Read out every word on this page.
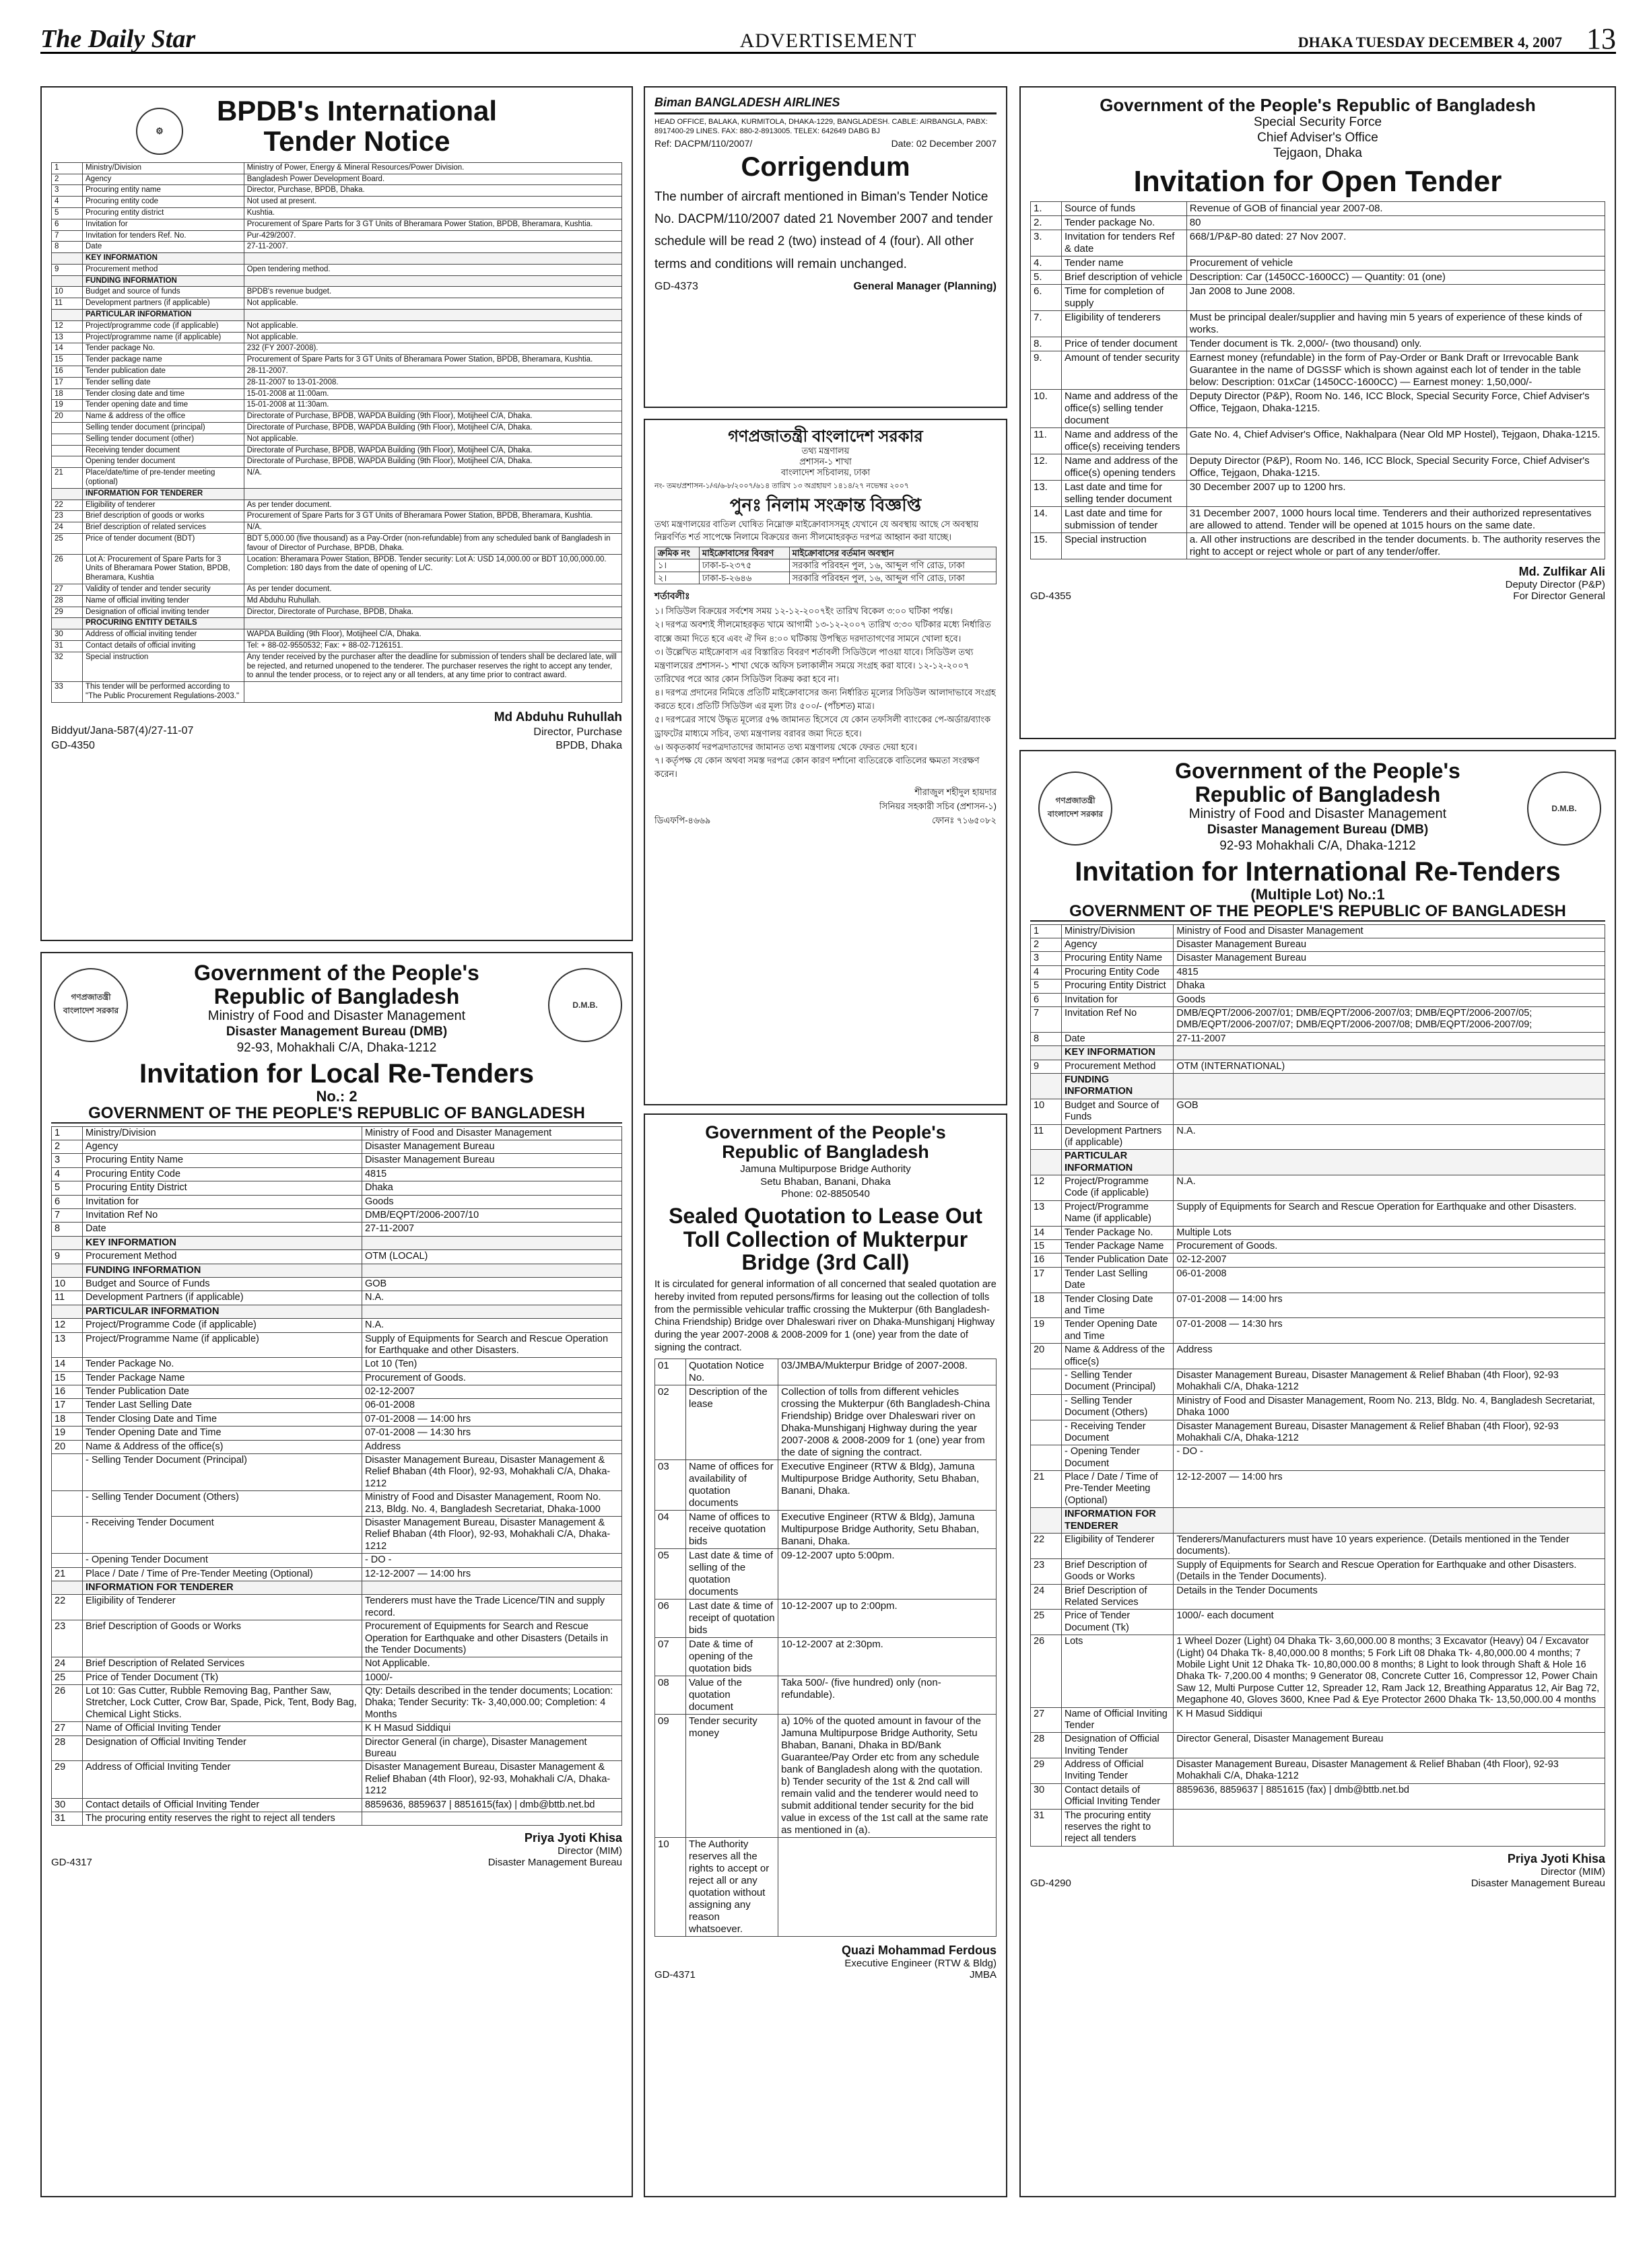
The Daily Star	ADVERTISEMENT	DHAKA TUESDAY DECEMBER 4, 2007 13
⚙
BPDB's International
Tender Notice
1	Ministry/Division	Ministry of Power, Energy & Mineral Resources/Power Division.
2	Agency	Bangladesh Power Development Board.
3	Procuring entity name	Director, Purchase, BPDB, Dhaka.
4	Procuring entity code	Not used at present.
5	Procuring entity district	Kushtia.
6	Invitation for	Procurement of Spare Parts for 3 GT Units of Bheramara Power Station, BPDB, Bheramara, Kushtia.
7	Invitation for tenders Ref. No.	Pur-429/2007.
8	Date	27-11-2007.
	KEY INFORMATION	
9	Procurement method	Open tendering method.
	FUNDING INFORMATION	
10	Budget and source of funds	BPDB's revenue budget.
11	Development partners (if applicable)	Not applicable.
	PARTICULAR INFORMATION	
12	Project/programme code (if applicable)	Not applicable.
13	Project/programme name (if applicable)	Not applicable.
14	Tender package No.	232 (FY 2007-2008).
15	Tender package name	Procurement of Spare Parts for 3 GT Units of Bheramara Power Station, BPDB, Bheramara, Kushtia.
16	Tender publication date	28-11-2007.
17	Tender selling date	28-11-2007 to 13-01-2008.
18	Tender closing date and time	15-01-2008 at 11:00am.
19	Tender opening date and time	15-01-2008 at 11:30am.
20	Name & address of the office	Directorate of Purchase, BPDB, WAPDA Building (9th Floor), Motijheel C/A, Dhaka.
	Selling tender document (principal)	Directorate of Purchase, BPDB, WAPDA Building (9th Floor), Motijheel C/A, Dhaka.
	Selling tender document (other)	Not applicable.
	Receiving tender document	Directorate of Purchase, BPDB, WAPDA Building (9th Floor), Motijheel C/A, Dhaka.
	Opening tender document	Directorate of Purchase, BPDB, WAPDA Building (9th Floor), Motijheel C/A, Dhaka.
21	Place/date/time of pre-tender meeting (optional)	N/A.
	INFORMATION FOR TENDERER	
22	Eligibility of tenderer	As per tender document.
23	Brief description of goods or works	Procurement of Spare Parts for 3 GT Units of Bheramara Power Station, BPDB, Bheramara, Kushtia.
24	Brief description of related services	N/A.
25	Price of tender document (BDT)	BDT 5,000.00 (five thousand) as a Pay-Order (non-refundable) from any scheduled bank of Bangladesh in favour of Director of Purchase, BPDB, Dhaka.
26	Lot A: Procurement of Spare Parts for 3 Units of Bheramara Power Station, BPDB, Bheramara, Kushtia	Location: Bheramara Power Station, BPDB. Tender security: Lot A: USD 14,000.00 or BDT 10,00,000.00. Completion: 180 days from the date of opening of L/C.
27	Validity of tender and tender security	As per tender document.
28	Name of official inviting tender	Md Abduhu Ruhullah.
29	Designation of official inviting tender	Director, Directorate of Purchase, BPDB, Dhaka.
	PROCURING ENTITY DETAILS	
30	Address of official inviting tender	WAPDA Building (9th Floor), Motijheel C/A, Dhaka.
31	Contact details of official inviting	Tel: + 88-02-9550532; Fax: + 88-02-7126151.
32	Special instruction	Any tender received by the purchaser after the deadline for submission of tenders shall be declared late, will be rejected, and returned unopened to the tenderer. The purchaser reserves the right to accept any tender, to annul the tender process, or to reject any or all tenders, at any time prior to contract award.
33	This tender will be performed according to "The Public Procurement Regulations-2003."	
Md Abduhu Ruhullah
Director, Purchase
BPDB, Dhaka
Biddyut/Jana-587(4)/27-11-07
GD-4350
Biman BANGLADESH AIRLINES
HEAD OFFICE, BALAKA, KURMITOLA, DHAKA-1229, BANGLADESH. CABLE: AIRBANGLA, PABX: 8917400-29 LINES. FAX: 880-2-8913005. TELEX: 642649 DABG BJ
Ref: DACPM/110/2007/	Date: 02 December 2007
Corrigendum
The number of aircraft mentioned in Biman's Tender Notice No. DACPM/110/2007 dated 21 November 2007 and tender schedule will be read 2 (two) instead of 4 (four). All other terms and conditions will remain unchanged.
GD-4373	General Manager (Planning)
গণপ্রজাতন্ত্রী বাংলাদেশ সরকার
তথ্য মন্ত্রণালয়
প্রশাসন-১ শাখা
বাংলাদেশ সচিবালয়, ঢাকা
নং- তমং/প্রশাসন-১/এ/৬-৮/২০০৭/৬১৪ তারিখ ১৩ অগ্রহায়ণ ১৪১৪/২৭ নভেম্বর ২০০৭
পুনঃ নিলাম সংক্রান্ত বিজ্ঞপ্তি
তথ্য মন্ত্রণালয়ের বাতিল ঘোষিত নিম্নোক্ত মাইক্রোবাসসমূহ যেখানে যে অবস্থায় আছে সে অবস্থায় নিম্নবর্ণিত শর্ত সাপেক্ষে নিলামে বিক্রয়ের জন্য সীলমোহরকৃত দরপত্র আহ্বান করা যাচ্ছে।
ক্রমিক নং	মাইক্রোবাসের বিবরণ	মাইক্রোবাসের বর্তমান অবস্থান
১।	ঢাকা-চ-২৩৭৫	সরকারি পরিবহন পুল, ১৬, আব্দুল গণি রোড, ঢাকা
২।	ঢাকা-চ-২৬৪৬	সরকারি পরিবহন পুল, ১৬, আব্দুল গণি রোড, ঢাকা
শর্তাবলীঃ
১। সিডিউল বিক্রয়ের সর্বশেষ সময় ১২-১২-২০০৭ইং তারিখ বিকেল ৩:০০ ঘটিকা পর্যন্ত।
২। দরপত্র অবশ্যই সীলমোহরকৃত খামে আগামী ১৩-১২-২০০৭ তারিখ ৩:৩০ ঘটিকার মধ্যে নির্ধারিত বাক্সে জমা দিতে হবে এবং ঐ দিন ৪:০০ ঘটিকায় উপস্থিত দরদাতাগণের সামনে খোলা হবে।
৩। উল্লেখিত মাইক্রোবাস এর বিস্তারিত বিবরণ শর্তাবলী সিডিউলে পাওয়া যাবে। সিডিউল তথ্য মন্ত্রণালয়ের প্রশাসন-১ শাখা থেকে অফিস চলাকালীন সময়ে সংগ্রহ করা যাবে। ১২-১২-২০০৭ তারিখের পরে আর কোন সিডিউল বিক্রয় করা হবে না।
৪। দরপত্র প্রদানের নিমিত্তে প্রতিটি মাইক্রোবাসের জন্য নির্ধারিত মূল্যের সিডিউল আলাদাভাবে সংগ্রহ করতে হবে। প্রতিটি সিডিউল এর মূল্য টাঃ ৫০০/- (পাঁচশত) মাত্র।
৫। দরপত্রের সাথে উদ্ধৃত মূল্যের ৫% জামানত হিসেবে যে কোন তফসিলী ব্যাংকের পে-অর্ডার/ব্যাংক ড্রাফটের মাধ্যমে সচিব, তথ্য মন্ত্রণালয় বরাবর জমা দিতে হবে।
৬। অকৃতকার্য দরপত্রদাতাদের জামানত তথ্য মন্ত্রণালয় থেকে ফেরত দেয়া হবে।
৭। কর্তৃপক্ষ যে কোন অথবা সমস্ত দরপত্র কোন কারণ দর্শানো ব্যতিরেকে বাতিলের ক্ষমতা সংরক্ষণ করেন।
শীরাজুল শহীদুল হায়দার
সিনিয়র সহকারী সচিব (প্রশাসন-১)
ডিএফপি-৪৬৬৯	ফোনঃ ৭১৬৫০৮২
Government of the People's
Republic of Bangladesh
Jamuna Multipurpose Bridge Authority
Setu Bhaban, Banani, Dhaka
Phone: 02-8850540
Sealed Quotation to Lease Out
Toll Collection of Mukterpur
Bridge (3rd Call)
It is circulated for general information of all concerned that sealed quotation are hereby invited from reputed persons/firms for leasing out the collection of tolls from the permissible vehicular traffic crossing the Mukterpur (6th Bangladesh-China Friendship) Bridge over Dhaleswari river on Dhaka-Munshiganj Highway during the year 2007-2008 & 2008-2009 for 1 (one) year from the date of signing the contract.
01	Quotation Notice No.	03/JMBA/Mukterpur Bridge of 2007-2008.
02	Description of the lease	Collection of tolls from different vehicles crossing the Mukterpur (6th Bangladesh-China Friendship) Bridge over Dhaleswari river on Dhaka-Munshiganj Highway during the year 2007-2008 & 2008-2009 for 1 (one) year from the date of signing the contract.
03	Name of offices for availability of quotation documents	Executive Engineer (RTW & Bldg), Jamuna Multipurpose Bridge Authority, Setu Bhaban, Banani, Dhaka.
04	Name of offices to receive quotation bids	Executive Engineer (RTW & Bldg), Jamuna Multipurpose Bridge Authority, Setu Bhaban, Banani, Dhaka.
05	Last date & time of selling of the quotation documents	09-12-2007 upto 5:00pm.
06	Last date & time of receipt of quotation bids	10-12-2007 up to 2:00pm.
07	Date & time of opening of the quotation bids	10-12-2007 at 2:30pm.
08	Value of the quotation document	Taka 500/- (five hundred) only (non-refundable).
09	Tender security money	a) 10% of the quoted amount in favour of the Jamuna Multipurpose Bridge Authority, Setu Bhaban, Banani, Dhaka in BD/Bank Guarantee/Pay Order etc from any schedule bank of Bangladesh along with the quotation. b) Tender security of the 1st & 2nd call will remain valid and the tenderer would need to submit additional tender security for the bid value in excess of the 1st call at the same rate as mentioned in (a).
10	The Authority reserves all the rights to accept or reject all or any quotation without assigning any reason whatsoever.	
Quazi Mohammad Ferdous
Executive Engineer (RTW & Bldg)
GD-4371	JMBA
Government of the People's Republic of Bangladesh
Special Security Force
Chief Adviser's Office
Tejgaon, Dhaka
Invitation for Open Tender
1.	Source of funds	Revenue of GOB of financial year 2007-08.
2.	Tender package No.	80
3.	Invitation for tenders Ref & date	668/1/P&P-80 dated: 27 Nov 2007.
4.	Tender name	Procurement of vehicle
5.	Brief description of vehicle	Description: Car (1450CC-1600CC) — Quantity: 01 (one)
6.	Time for completion of supply	Jan 2008 to June 2008.
7.	Eligibility of tenderers	Must be principal dealer/supplier and having min 5 years of experience of these kinds of works.
8.	Price of tender document	Tender document is Tk. 2,000/- (two thousand) only.
9.	Amount of tender security	Earnest money (refundable) in the form of Pay-Order or Bank Draft or Irrevocable Bank Guarantee in the name of DGSSF which is shown against each lot of tender in the table below: Description: 01xCar (1450CC-1600CC) — Earnest money: 1,50,000/-
10.	Name and address of the office(s) selling tender document	Deputy Director (P&P), Room No. 146, ICC Block, Special Security Force, Chief Adviser's Office, Tejgaon, Dhaka-1215.
11.	Name and address of the office(s) receiving tenders	Gate No. 4, Chief Adviser's Office, Nakhalpara (Near Old MP Hostel), Tejgaon, Dhaka-1215.
12.	Name and address of the office(s) opening tenders	Deputy Director (P&P), Room No. 146, ICC Block, Special Security Force, Chief Adviser's Office, Tejgaon, Dhaka-1215.
13.	Last date and time for selling tender document	30 December 2007 up to 1200 hrs.
14.	Last date and time for submission of tender	31 December 2007, 1000 hours local time. Tenderers and their authorized representatives are allowed to attend. Tender will be opened at 1015 hours on the same date.
15.	Special instruction	a. All other instructions are described in the tender documents. b. The authority reserves the right to accept or reject whole or part of any tender/offer.
Md. Zulfikar Ali
Deputy Director (P&P)
GD-4355	For Director General
গণপ্রজাতন্ত্রী বাংলাদেশ সরকার
D.M.B.
Government of the People's
Republic of Bangladesh
Ministry of Food and Disaster Management
Disaster Management Bureau (DMB)
92-93, Mohakhali C/A, Dhaka-1212
Invitation for Local Re-Tenders
No.: 2
GOVERNMENT OF THE PEOPLE'S REPUBLIC OF BANGLADESH
1	Ministry/Division	Ministry of Food and Disaster Management
2	Agency	Disaster Management Bureau
3	Procuring Entity Name	Disaster Management Bureau
4	Procuring Entity Code	4815
5	Procuring Entity District	Dhaka
6	Invitation for	Goods
7	Invitation Ref No	DMB/EQPT/2006-2007/10
8	Date	27-11-2007
	KEY INFORMATION	
9	Procurement Method	OTM (LOCAL)
	FUNDING INFORMATION	
10	Budget and Source of Funds	GOB
11	Development Partners (if applicable)	N.A.
	PARTICULAR INFORMATION	
12	Project/Programme Code (if applicable)	N.A.
13	Project/Programme Name (if applicable)	Supply of Equipments for Search and Rescue Operation for Earthquake and other Disasters.
14	Tender Package No.	Lot 10 (Ten)
15	Tender Package Name	Procurement of Goods.
16	Tender Publication Date	02-12-2007
17	Tender Last Selling Date	06-01-2008
18	Tender Closing Date and Time	07-01-2008 — 14:00 hrs
19	Tender Opening Date and Time	07-01-2008 — 14:30 hrs
20	Name & Address of the office(s)	Address
	- Selling Tender Document (Principal)	Disaster Management Bureau, Disaster Management & Relief Bhaban (4th Floor), 92-93, Mohakhali C/A, Dhaka-1212
	- Selling Tender Document (Others)	Ministry of Food and Disaster Management, Room No. 213, Bldg. No. 4, Bangladesh Secretariat, Dhaka-1000
	- Receiving Tender Document	Disaster Management Bureau, Disaster Management & Relief Bhaban (4th Floor), 92-93, Mohakhali C/A, Dhaka-1212
	- Opening Tender Document	- DO -
21	Place / Date / Time of Pre-Tender Meeting (Optional)	12-12-2007 — 14:00 hrs
	INFORMATION FOR TENDERER	
22	Eligibility of Tenderer	Tenderers must have the Trade Licence/TIN and supply record.
23	Brief Description of Goods or Works	Procurement of Equipments for Search and Rescue Operation for Earthquake and other Disasters (Details in the Tender Documents)
24	Brief Description of Related Services	Not Applicable.
25	Price of Tender Document (Tk)	1000/-
26	Lot 10: Gas Cutter, Rubble Removing Bag, Panther Saw, Stretcher, Lock Cutter, Crow Bar, Spade, Pick, Tent, Body Bag, Chemical Light Sticks.	Qty: Details described in the tender documents; Location: Dhaka; Tender Security: Tk- 3,40,000.00; Completion: 4 Months
27	Name of Official Inviting Tender	K H Masud Siddiqui
28	Designation of Official Inviting Tender	Director General (in charge), Disaster Management Bureau
29	Address of Official Inviting Tender	Disaster Management Bureau, Disaster Management & Relief Bhaban (4th Floor), 92-93, Mohakhali C/A, Dhaka-1212
30	Contact details of Official Inviting Tender	8859636, 8859637 | 8851615(fax) | dmb@bttb.net.bd
31	The procuring entity reserves the right to reject all tenders	
Priya Jyoti Khisa
Director (MIM)
GD-4317	Disaster Management Bureau
গণপ্রজাতন্ত্রী বাংলাদেশ সরকার
D.M.B.
Government of the People's
Republic of Bangladesh
Ministry of Food and Disaster Management
Disaster Management Bureau (DMB)
92-93 Mohakhali C/A, Dhaka-1212
Invitation for International Re-Tenders
(Multiple Lot) No.:1
GOVERNMENT OF THE PEOPLE'S REPUBLIC OF BANGLADESH
1	Ministry/Division	Ministry of Food and Disaster Management
2	Agency	Disaster Management Bureau
3	Procuring Entity Name	Disaster Management Bureau
4	Procuring Entity Code	4815
5	Procuring Entity District	Dhaka
6	Invitation for	Goods
7	Invitation Ref No	DMB/EQPT/2006-2007/01; DMB/EQPT/2006-2007/03; DMB/EQPT/2006-2007/05; DMB/EQPT/2006-2007/07; DMB/EQPT/2006-2007/08; DMB/EQPT/2006-2007/09;
8	Date	27-11-2007
	KEY INFORMATION	
9	Procurement Method	OTM (INTERNATIONAL)
	FUNDING INFORMATION	
10	Budget and Source of Funds	GOB
11	Development Partners (if applicable)	N.A.
	PARTICULAR INFORMATION	
12	Project/Programme Code (if applicable)	N.A.
13	Project/Programme Name (if applicable)	Supply of Equipments for Search and Rescue Operation for Earthquake and other Disasters.
14	Tender Package No.	Multiple Lots
15	Tender Package Name	Procurement of Goods.
16	Tender Publication Date	02-12-2007
17	Tender Last Selling Date	06-01-2008
18	Tender Closing Date and Time	07-01-2008 — 14:00 hrs
19	Tender Opening Date and Time	07-01-2008 — 14:30 hrs
20	Name & Address of the office(s)	Address
	- Selling Tender Document (Principal)	Disaster Management Bureau, Disaster Management & Relief Bhaban (4th Floor), 92-93 Mohakhali C/A, Dhaka-1212
	- Selling Tender Document (Others)	Ministry of Food and Disaster Management, Room No. 213, Bldg. No. 4, Bangladesh Secretariat, Dhaka 1000
	- Receiving Tender Document	Disaster Management Bureau, Disaster Management & Relief Bhaban (4th Floor), 92-93 Mohakhali C/A, Dhaka-1212
	- Opening Tender Document	- DO -
21	Place / Date / Time of Pre-Tender Meeting (Optional)	12-12-2007 — 14:00 hrs
	INFORMATION FOR TENDERER	
22	Eligibility of Tenderer	Tenderers/Manufacturers must have 10 years experience. (Details mentioned in the Tender documents).
23	Brief Description of Goods or Works	Supply of Equipments for Search and Rescue Operation for Earthquake and other Disasters. (Details in the Tender Documents).
24	Brief Description of Related Services	Details in the Tender Documents
25	Price of Tender Document (Tk)	1000/- each document
26	Lots	1 Wheel Dozer (Light) 04 Dhaka Tk- 3,60,000.00 8 months; 3 Excavator (Heavy) 04 / Excavator (Light) 04 Dhaka Tk- 8,40,000.00 8 months; 5 Fork Lift 08 Dhaka Tk- 4,80,000.00 4 months; 7 Mobile Light Unit 12 Dhaka Tk- 10,80,000.00 8 months; 8 Light to look through Shaft & Hole 16 Dhaka Tk- 7,200.00 4 months; 9 Generator 08, Concrete Cutter 16, Compressor 12, Power Chain Saw 12, Multi Purpose Cutter 12, Spreader 12, Ram Jack 12, Breathing Apparatus 12, Air Bag 72, Megaphone 40, Gloves 3600, Knee Pad & Eye Protector 2600 Dhaka Tk- 13,50,000.00 4 months
27	Name of Official Inviting Tender	K H Masud Siddiqui
28	Designation of Official Inviting Tender	Director General, Disaster Management Bureau
29	Address of Official Inviting Tender	Disaster Management Bureau, Disaster Management & Relief Bhaban (4th Floor), 92-93 Mohakhali C/A, Dhaka-1212
30	Contact details of Official Inviting Tender	8859636, 8859637 | 8851615 (fax) | dmb@bttb.net.bd
31	The procuring entity reserves the right to reject all tenders	
Priya Jyoti Khisa
Director (MIM)
GD-4290	Disaster Management Bureau
